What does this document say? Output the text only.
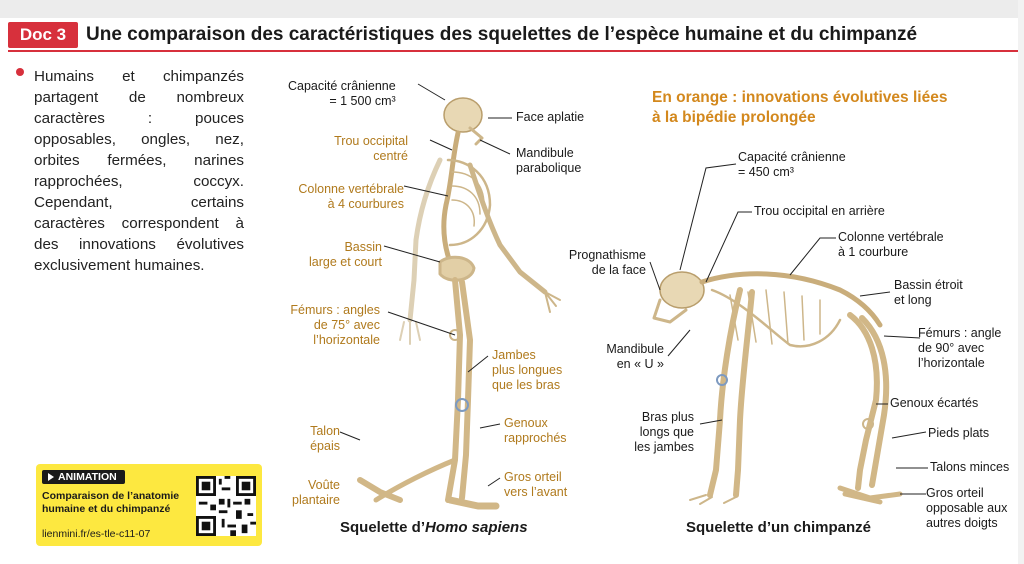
Doc 3	Une comparaison des caractéristiques des squelettes de l’espèce humaine et du chimpanzé
Humains et chimpanzés partagent de nombreux caractères : pouces opposables, ongles, nez, orbites fermées, narines rapprochées, coccyx. Cependant, certains caractères correspondent à des innovations évolutives exclusivement humaines.
ANIMATION
Comparaison de l’anatomie humaine et du chimpanzé
lienmini.fr/es-tle-c11-07
Capacité crânienne
= 1 500 cm³
Face aplatie
Trou occipital
centré	Mandibule
parabolique
Colonne vertébrale
à 4 courbures
Bassin
large et court
Fémurs : angles
de 75° avec
l’horizontale
Jambes
plus longues
que les bras
Genoux
rapprochés
Talon
épais
Voûte
plantaire
Gros orteil
vers l’avant
Squelette d’Homo sapiens
En orange : innovations évolutives liées à la bipédie prolongée
Capacité crânienne
= 450 cm³
Trou occipital en arrière
Colonne vertébrale
à 1 courbure
Prognathisme
de la face
Bassin étroit
et long
Fémurs : angle
de 90° avec
l’horizontale
Mandibule
en « U »
Bras plus
longs que
les jambes
Genoux écartés
Pieds plats
Talons minces
Gros orteil
opposable aux
autres doigts
Squelette d’un chimpanzé
